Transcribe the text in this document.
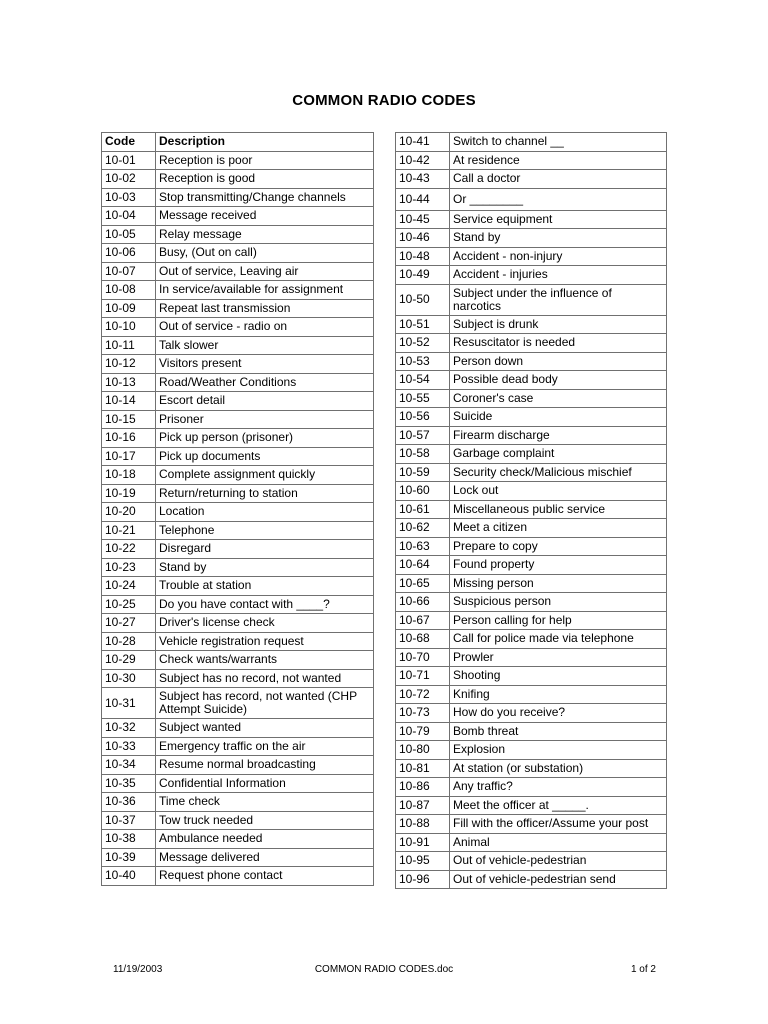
COMMON RADIO CODES
Code	Description
10-01	Reception is poor
10-02	Reception is good
10-03	Stop transmitting/Change channels
10-04	Message received
10-05	Relay message
10-06	Busy, (Out on call)
10-07	Out of service, Leaving air
10-08	In service/available for assignment
10-09	Repeat last transmission
10-10	Out of service - radio on
10-11	Talk slower
10-12	Visitors present
10-13	Road/Weather Conditions
10-14	Escort detail
10-15	Prisoner
10-16	Pick up person (prisoner)
10-17	Pick up documents
10-18	Complete assignment quickly
10-19	Return/returning to station
10-20	Location
10-21	Telephone
10-22	Disregard
10-23	Stand by
10-24	Trouble at station
10-25	Do you have contact with ____?
10-27	Driver's license check
10-28	Vehicle registration request
10-29	Check wants/warrants
10-30	Subject has no record, not wanted
10-31	Subject has record, not wanted (CHP Attempt Suicide)
10-32	Subject wanted
10-33	Emergency traffic on the air
10-34	Resume normal broadcasting
10-35	Confidential Information
10-36	Time check
10-37	Tow truck needed
10-38	Ambulance needed
10-39	Message delivered
10-40	Request phone contact
10-41	Switch to channel __
10-42	At residence
10-43	Call a doctor
10-44	Or ________
10-45	Service equipment
10-46	Stand by
10-48	Accident - non-injury
10-49	Accident - injuries
10-50	Subject under the influence of narcotics
10-51	Subject is drunk
10-52	Resuscitator is needed
10-53	Person down
10-54	Possible dead body
10-55	Coroner's case
10-56	Suicide
10-57	Firearm discharge
10-58	Garbage complaint
10-59	Security check/Malicious mischief
10-60	Lock out
10-61	Miscellaneous public service
10-62	Meet a citizen
10-63	Prepare to copy
10-64	Found property
10-65	Missing person
10-66	Suspicious person
10-67	Person calling for help
10-68	Call for police made via telephone
10-70	Prowler
10-71	Shooting
10-72	Knifing
10-73	How do you receive?
10-79	Bomb threat
10-80	Explosion
10-81	At station (or substation)
10-86	Any traffic?
10-87	Meet the officer at _____.
10-88	Fill with the officer/Assume your post
10-91	Animal
10-95	Out of vehicle-pedestrian
10-96	Out of vehicle-pedestrian send
11/19/2003	COMMON RADIO CODES.doc	1 of 2
